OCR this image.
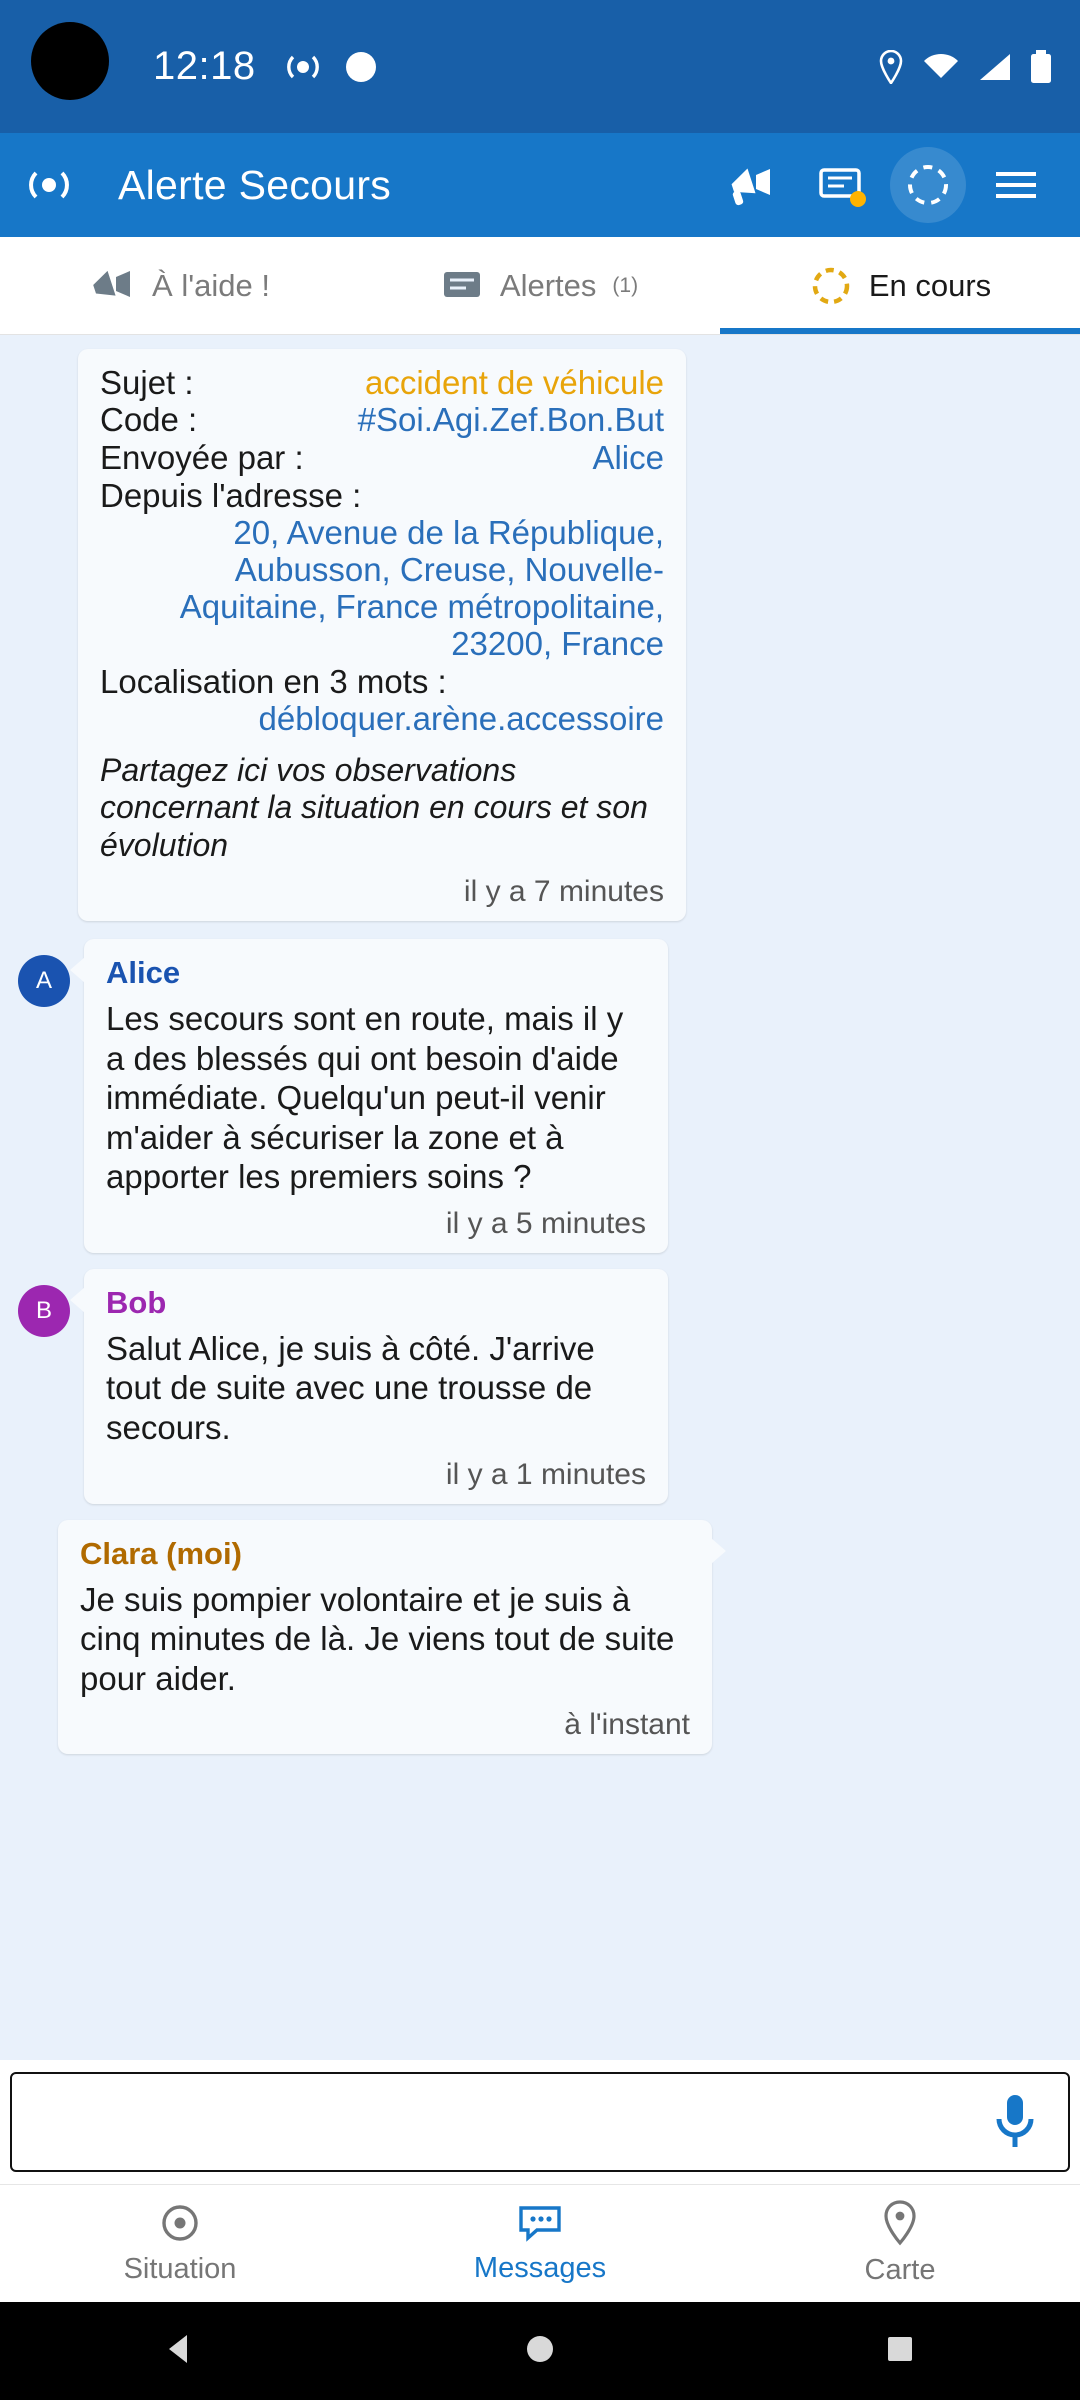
12:18
Alerte Secours
À l'aide !	Alertes (1)	En cours
Sujet :	accident de véhicule
Code :	#Soi.Agi.Zef.Bon.But
Envoyée par :	Alice
Depuis l'adresse :
20, Avenue de la République, Aubusson, Creuse, Nouvelle-Aquitaine, France métropolitaine, 23200, France
Localisation en 3 mots :
débloquer.arène.accessoire
Partagez ici vos observations concernant la situation en cours et son évolution
il y a 7 minutes
A	Alice
Les secours sont en route, mais il y a des blessés qui ont besoin d'aide immédiate. Quelqu'un peut-il venir m'aider à sécuriser la zone et à apporter les premiers soins ?
il y a 5 minutes
B	Bob
Salut Alice, je suis à côté. J'arrive tout de suite avec une trousse de secours.
il y a 1 minutes
Clara (moi)
Je suis pompier volontaire et je suis à cinq minutes de là. Je viens tout de suite pour aider.
à l'instant
Situation	Messages	Carte
